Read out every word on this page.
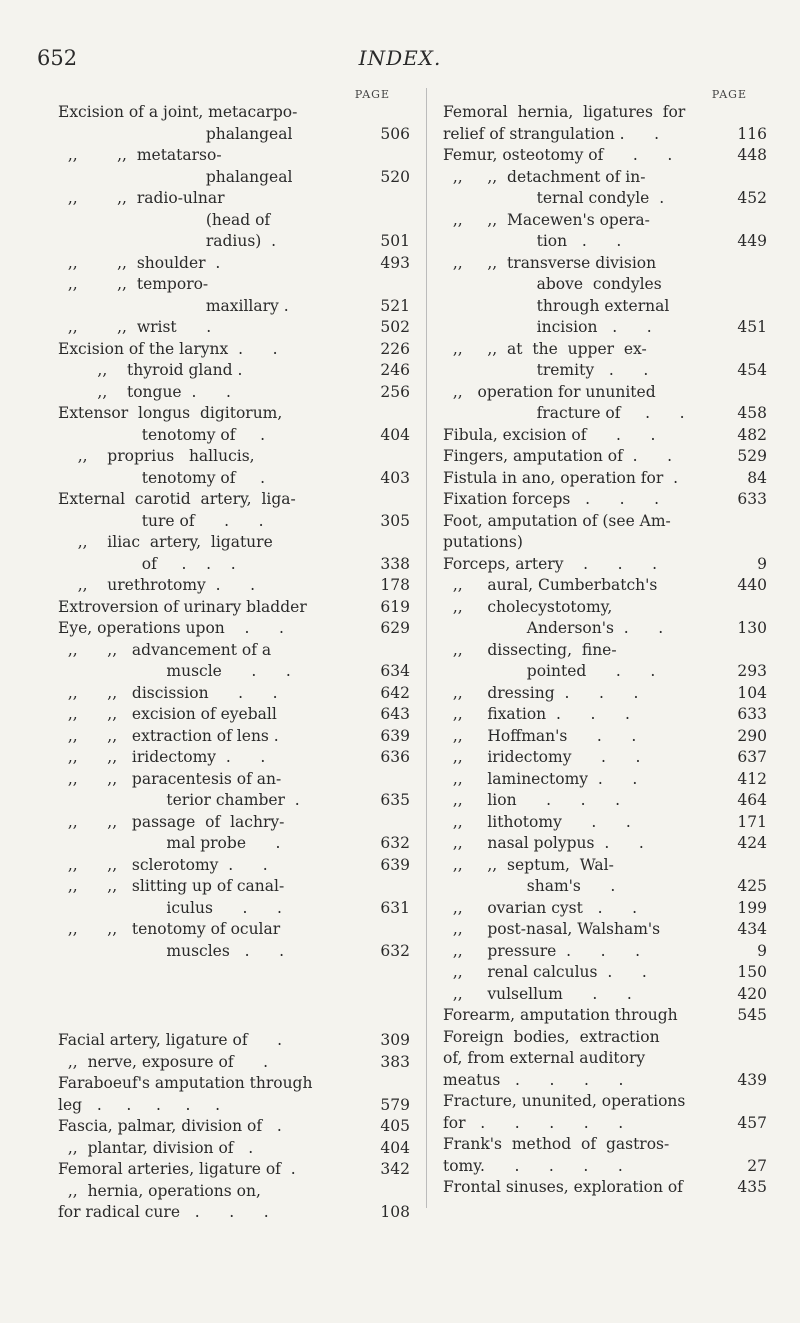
652	INDEX.
PAGE
Excision of a joint, metacarpo-
phalangeal	506
,,        ,,  metatarso-
phalangeal	520
,,        ,,  radio-ulnar
(head of
radius)  .	501
,,        ,,  shoulder  .	493
,,        ,,  temporo-
maxillary .	521
,,        ,,  wrist      .	502
Excision of the larynx  .      .	226
,,    thyroid gland .	246
,,    tongue  .      .	256
Extensor  longus  digitorum,
tenotomy of     .	404
,,    proprius   hallucis,
tenotomy of     .	403
External  carotid  artery,  liga-
ture of      .      .	305
,,    iliac  artery,  ligature
of     .    .    .	338
,,    urethrotomy  .      .	178
Extroversion of urinary bladder	619
Eye, operations upon    .      .	629
,,      ,,   advancement of a
muscle      .      .	634
,,      ,,   discission      .      .	642
,,      ,,   excision of eyeball	643
,,      ,,   extraction of lens .	639
,,      ,,   iridectomy  .      .	636
,,      ,,   paracentesis of an-
terior chamber  .	635
,,      ,,   passage  of  lachry-
mal probe      .	632
,,      ,,   sclerotomy  .      .	639
,,      ,,   slitting up of canal-
iculus      .      .	631
,,      ,,   tenotomy of ocular
muscles   .      .	632
Facial artery, ligature of      .	309
,,  nerve, exposure of      .	383
Faraboeuf's amputation through
leg   .     .     .     .     .	579
Fascia, palmar, division of   .	405
,,  plantar, division of   .	404
Femoral arteries, ligature of  .	342
,,  hernia, operations on,
for radical cure   .      .      .	108
PAGE
Femoral  hernia,  ligatures  for
relief of strangulation .      .	116
Femur, osteotomy of      .      .	448
,,     ,,  detachment of in-
ternal condyle  .	452
,,     ,,  Macewen's opera-
tion   .      .	449
,,     ,,  transverse division
above  condyles
through external
incision   .      .	451
,,     ,,  at  the  upper  ex-
tremity   .      .	454
,,   operation for ununited
fracture of     .      .	458
Fibula, excision of      .      .	482
Fingers, amputation of  .      .	529
Fistula in ano, operation for  .	84
Fixation forceps   .      .      .	633
Foot, amputation of (see Am-
putations)
Forceps, artery    .      .      .	9
,,     aural, Cumberbatch's	440
,,     cholecystotomy,
Anderson's  .      .	130
,,     dissecting,  fine-
pointed      .      .	293
,,     dressing  .      .      .	104
,,     fixation  .      .      .	633
,,     Hoffman's      .      .	290
,,     iridectomy      .      .	637
,,     laminectomy  .      .	412
,,     lion      .      .      .	464
,,     lithotomy      .      .	171
,,     nasal polypus  .      .	424
,,     ,,  septum,  Wal-
sham's      .	425
,,     ovarian cyst   .      .	199
,,     post-nasal, Walsham's	434
,,     pressure  .      .      .	9
,,     renal calculus  .      .	150
,,     vulsellum      .      .	420
Forearm, amputation through	545
Foreign  bodies,  extraction
of, from external auditory
meatus   .      .      .      .	439
Fracture, ununited, operations
for   .      .      .      .      .	457
Frank's  method  of  gastros-
tomy.      .      .      .      .	27
Frontal sinuses, exploration of	435
